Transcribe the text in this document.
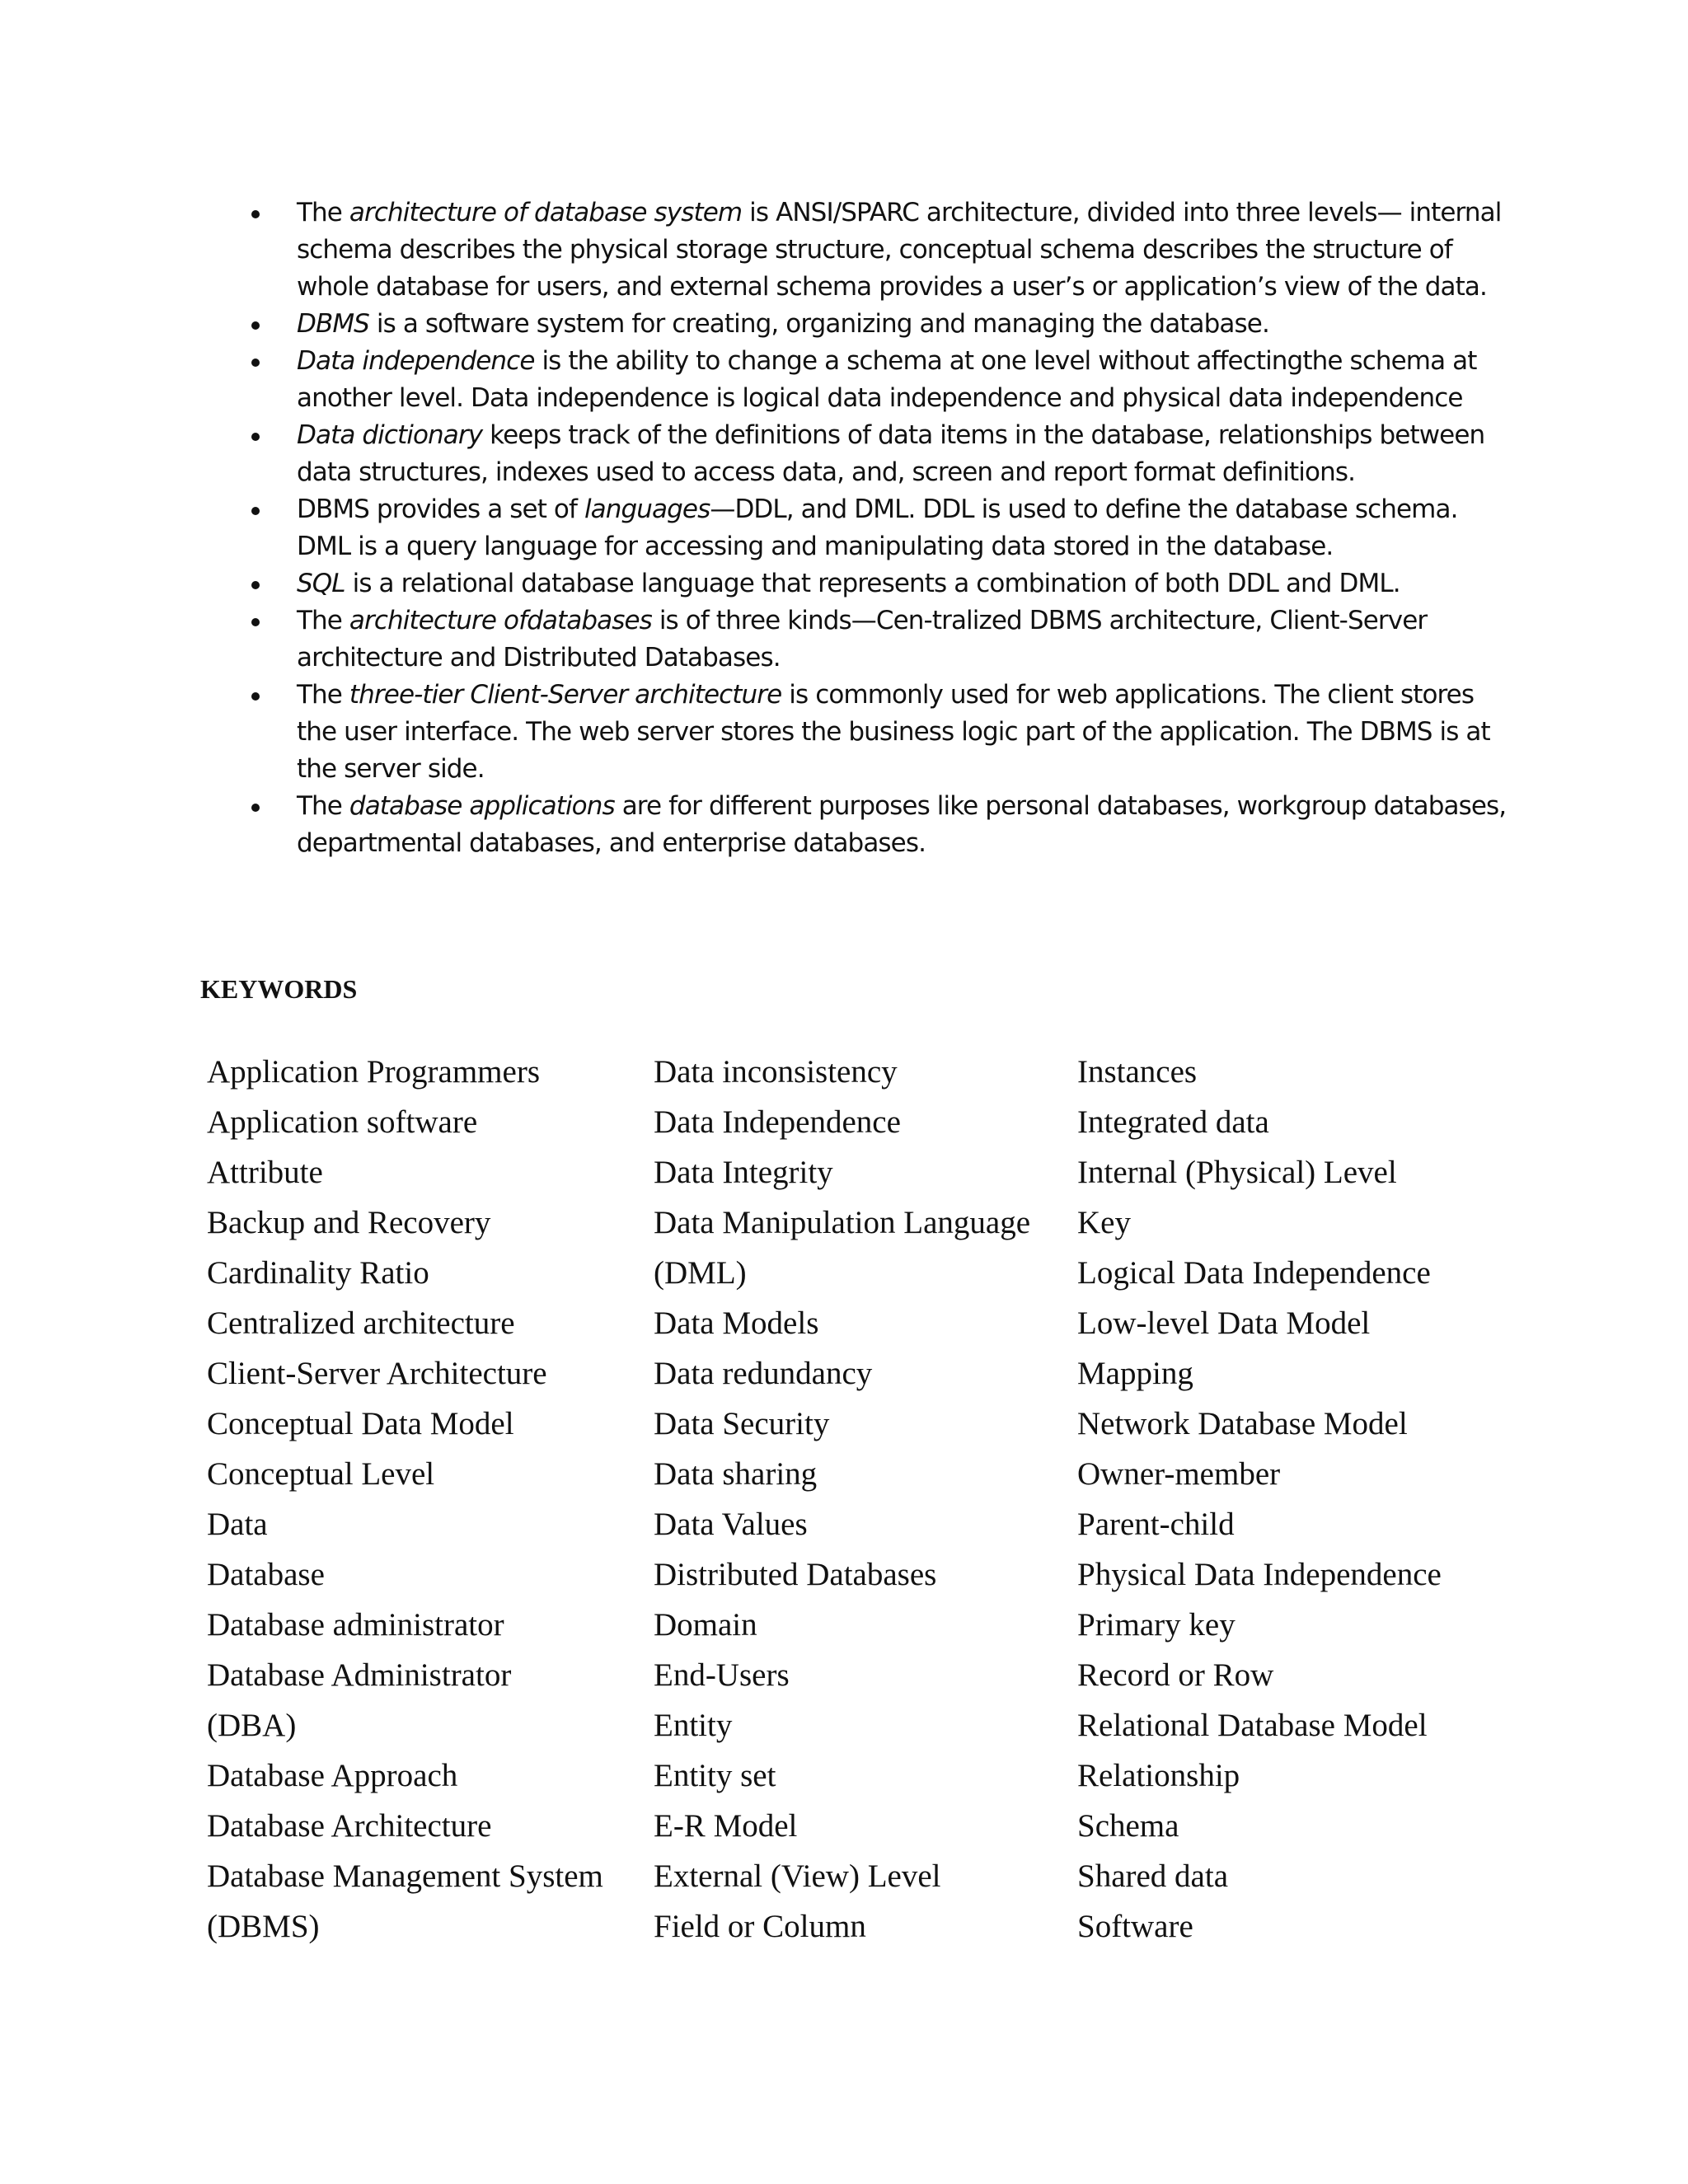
The architecture of database system is ANSI/SPARC architecture, divided into three levels— internal schema describes the physical storage structure, conceptual schema describes the structure of whole database for users, and external schema provides a user’s or application’s view of the data.
DBMS is a software system for creating, organizing and managing the database.
Data independence is the ability to change a schema at one level without affectingthe schema at another level. Data independence is logical data independence and physical data independence
Data dictionary keeps track of the definitions of data items in the database, relationships between data structures, indexes used to access data, and, screen and report format definitions.
DBMS provides a set of languages—DDL, and DML. DDL is used to define the database schema. DML is a query language for accessing and manipulating data stored in the database.
SQL is a relational database language that represents a combination of both DDL and DML.
The architecture ofdatabases is of three kinds—Cen-tralized DBMS architecture, Client-Server architecture and Distributed Databases.
The three-tier Client-Server architecture is commonly used for web applications. The client stores the user interface. The web server stores the business logic part of the application. The DBMS is at the server side.
The database applications are for different purposes like personal databases, workgroup databases, departmental databases, and enterprise databases.
KEYWORDS
Application Programmers
Application software
Attribute
Backup and Recovery
Cardinality Ratio
Centralized architecture
Client-Server Architecture
Conceptual Data Model
Conceptual Level
Data
Database
Database administrator
Database Administrator
(DBA)
Database Approach
Database Architecture
Database Management System
(DBMS)
Data inconsistency
Data Independence
Data Integrity
Data Manipulation Language
(DML)
Data Models
Data redundancy
Data Security
Data sharing
Data Values
Distributed Databases
Domain
End-Users
Entity
Entity set
E-R Model
External (View) Level
Field or Column
Instances
Integrated data
Internal (Physical) Level
Key
Logical Data Independence
Low-level Data Model
Mapping
Network Database Model
Owner-member
Parent-child
Physical Data Independence
Primary key
Record or Row
Relational Database Model
Relationship
Schema
Shared data
Software
